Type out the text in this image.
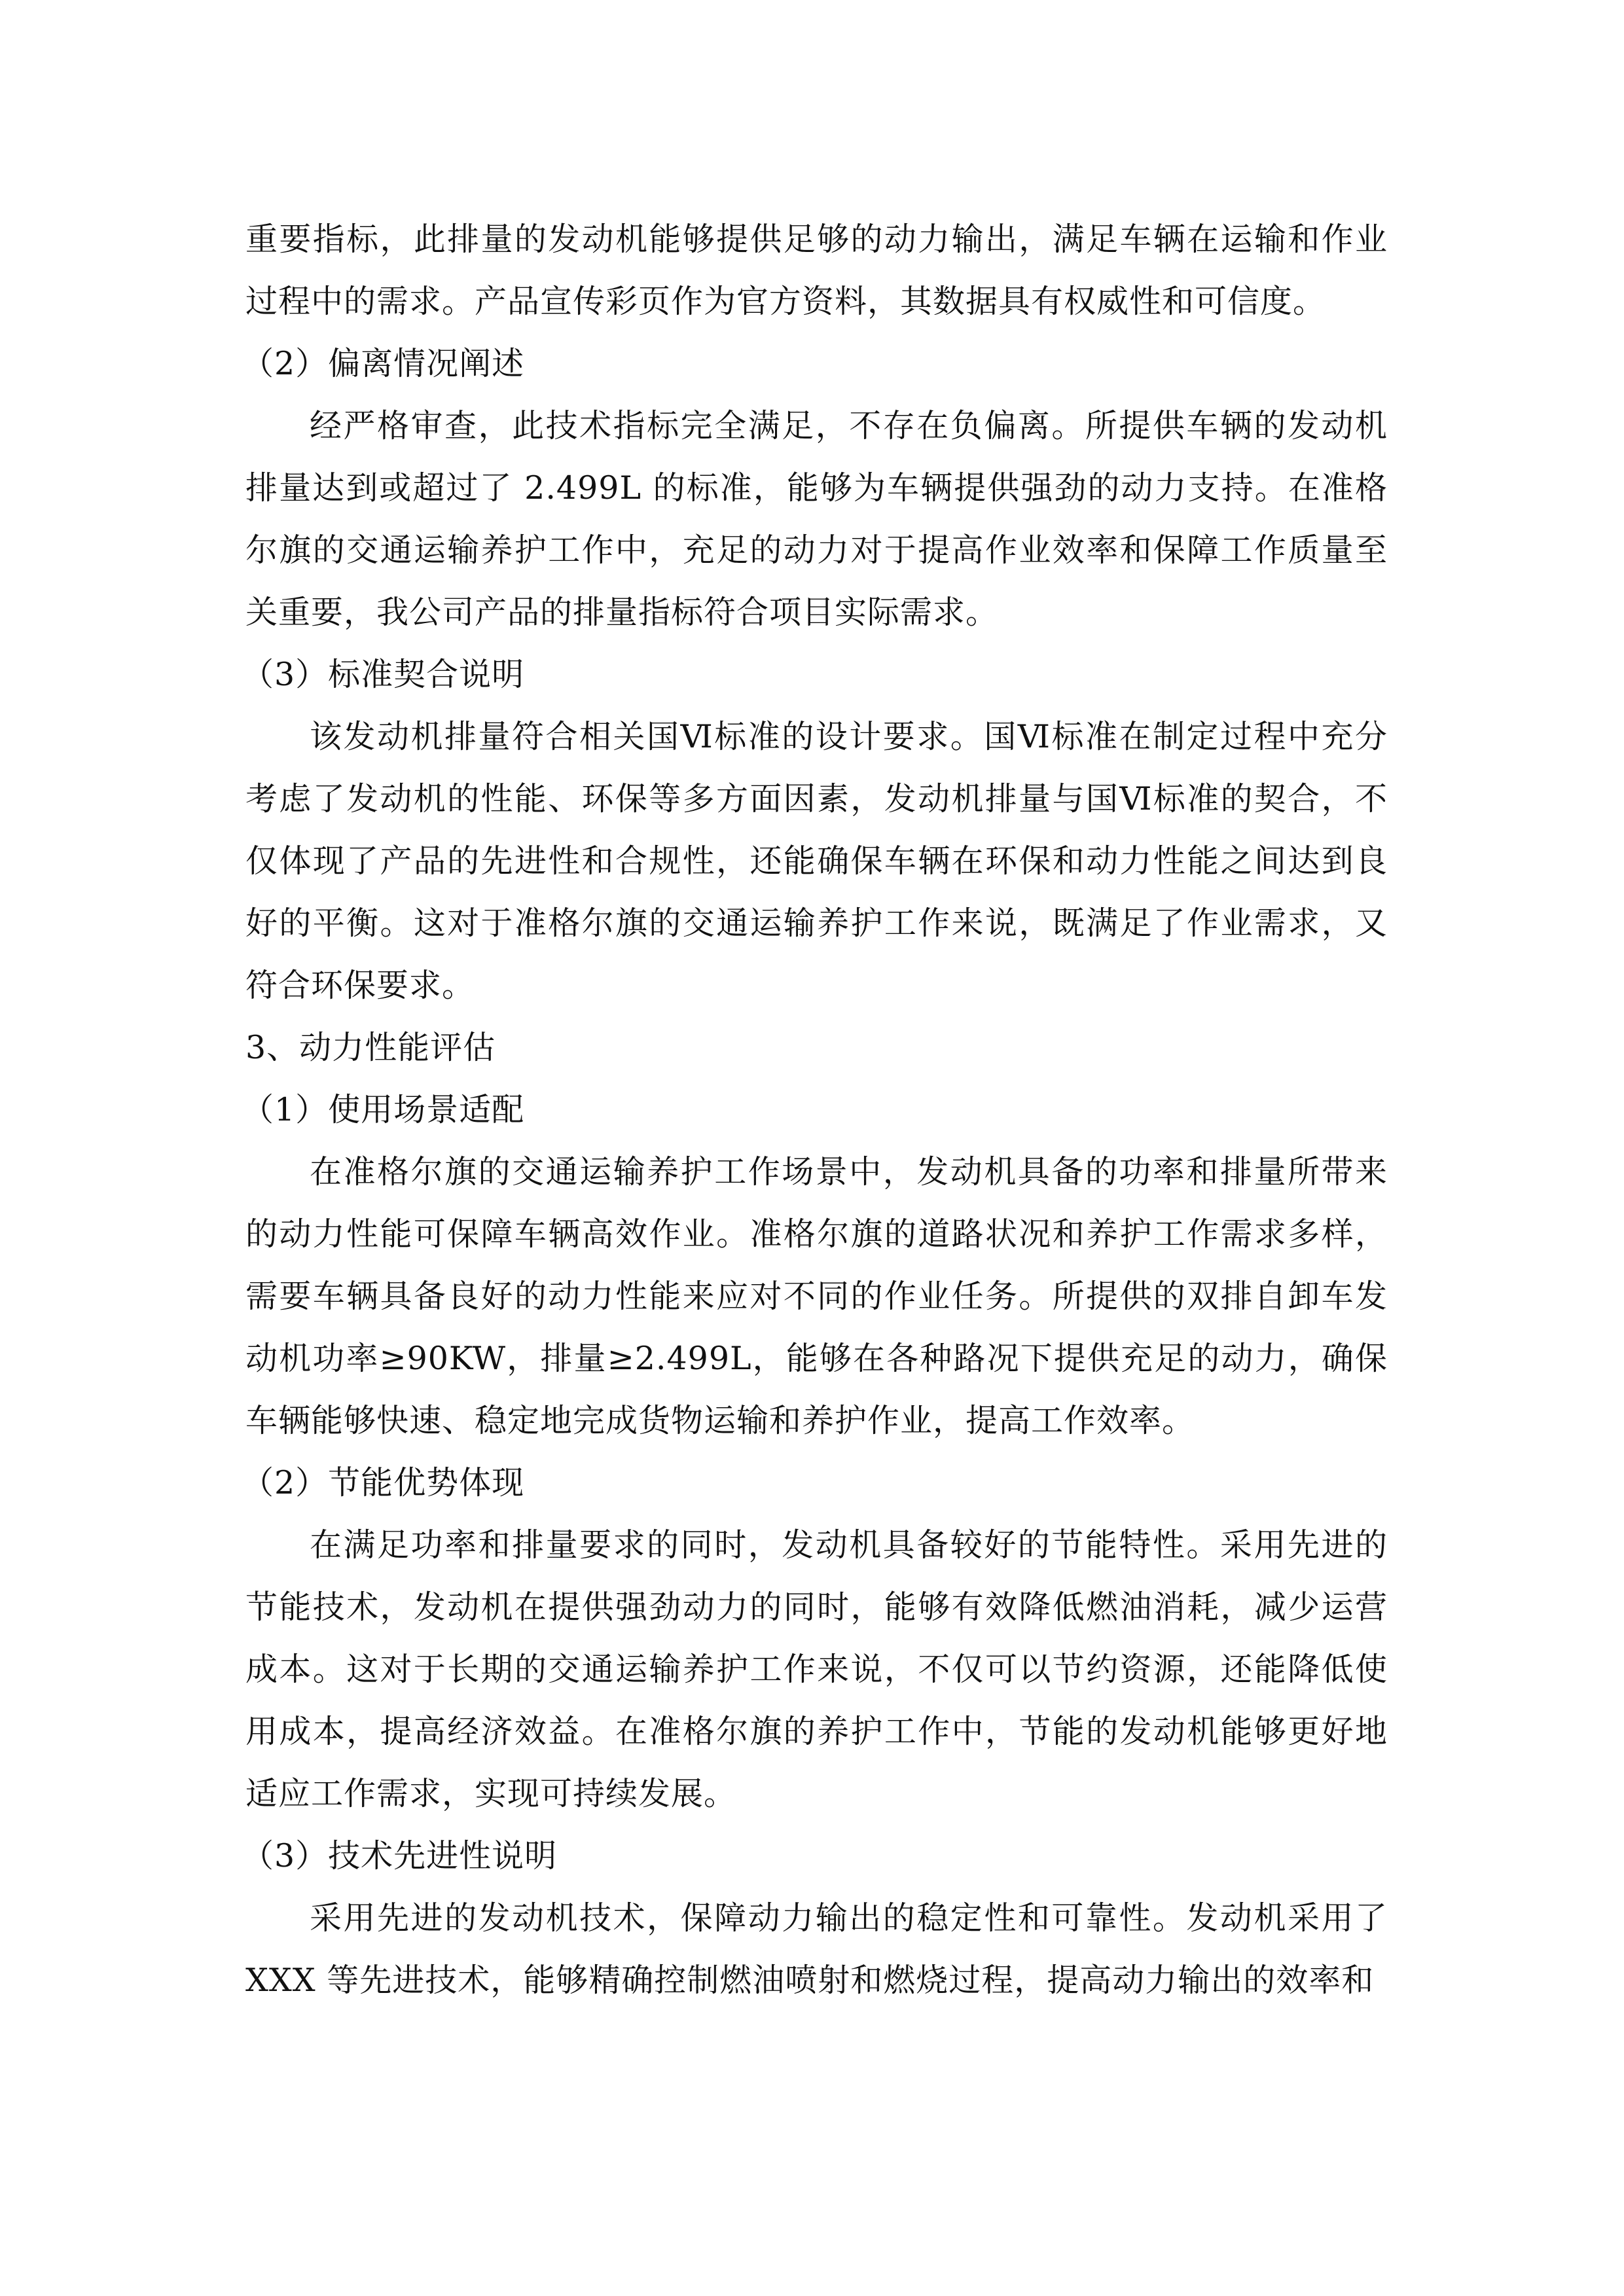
重要指标，此排量的发动机能够提供足够的动力输出，满足车辆在运输和作业过程中的需求。产品宣传彩页作为官方资料，其数据具有权威性和可信度。

（2）偏离情况阐述

经严格审查，此技术指标完全满足，不存在负偏离。所提供车辆的发动机排量达到或超过了 2.499L 的标准，能够为车辆提供强劲的动力支持。在准格尔旗的交通运输养护工作中，充足的动力对于提高作业效率和保障工作质量至关重要，我公司产品的排量指标符合项目实际需求。

（3）标准契合说明

该发动机排量符合相关国Ⅵ标准的设计要求。国Ⅵ标准在制定过程中充分考虑了发动机的性能、环保等多方面因素，发动机排量与国Ⅵ标准的契合，不仅体现了产品的先进性和合规性，还能确保车辆在环保和动力性能之间达到良好的平衡。这对于准格尔旗的交通运输养护工作来说，既满足了作业需求，又符合环保要求。

3、动力性能评估

（1）使用场景适配

在准格尔旗的交通运输养护工作场景中，发动机具备的功率和排量所带来的动力性能可保障车辆高效作业。准格尔旗的道路状况和养护工作需求多样，需要车辆具备良好的动力性能来应对不同的作业任务。所提供的双排自卸车发动机功率≥90KW，排量≥2.499L，能够在各种路况下提供充足的动力，确保车辆能够快速、稳定地完成货物运输和养护作业，提高工作效率。

（2）节能优势体现

在满足功率和排量要求的同时，发动机具备较好的节能特性。采用先进的节能技术，发动机在提供强劲动力的同时，能够有效降低燃油消耗，减少运营成本。这对于长期的交通运输养护工作来说，不仅可以节约资源，还能降低使用成本，提高经济效益。在准格尔旗的养护工作中，节能的发动机能够更好地适应工作需求，实现可持续发展。

（3）技术先进性说明

采用先进的发动机技术，保障动力输出的稳定性和可靠性。发动机采用了 XXX 等先进技术，能够精确控制燃油喷射和燃烧过程，提高动力输出的效率和
